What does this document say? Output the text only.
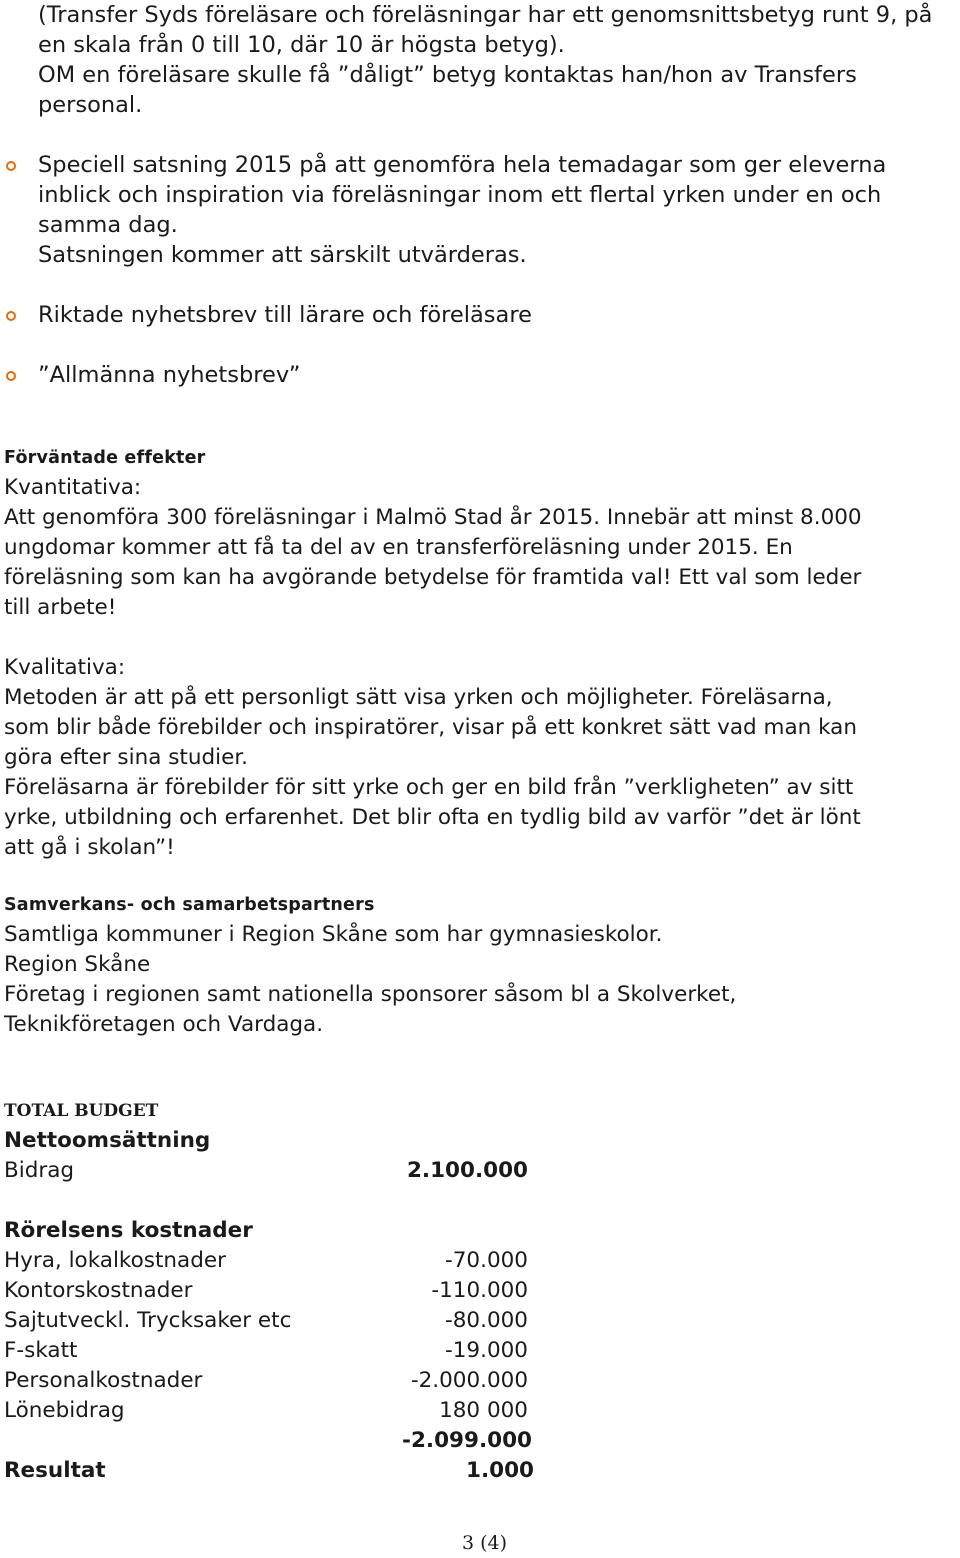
(Transfer Syds föreläsare och föreläsningar har ett genomsnittsbetyg runt 9, på

en skala från 0 till 10, där 10 är högsta betyg).

OM en föreläsare skulle få ”dåligt” betyg kontaktas han/hon av Transfers

personal.

Speciell satsning 2015 på att genomföra hela temadagar som ger eleverna

inblick och inspiration via föreläsningar inom ett flertal yrken under en och

samma dag.

Satsningen kommer att särskilt utvärderas.

Riktade nyhetsbrev till lärare och föreläsare

”Allmänna nyhetsbrev”

Förväntade effekter

Kvantitativa:

Att genomföra 300 föreläsningar i Malmö Stad år 2015. Innebär att minst 8.000

ungdomar kommer att få ta del av en transferföreläsning under 2015. En

föreläsning som kan ha avgörande betydelse för framtida val! Ett val som leder

till arbete!

Kvalitativa:

Metoden är att på ett personligt sätt visa yrken och möjligheter. Föreläsarna,

som blir både förebilder och inspiratörer, visar på ett konkret sätt vad man kan

göra efter sina studier.

Föreläsarna är förebilder för sitt yrke och ger en bild från ”verkligheten” av sitt

yrke, utbildning och erfarenhet. Det blir ofta en tydlig bild av varför ”det är lönt

att gå i skolan”!

Samverkans- och samarbetspartners

Samtliga kommuner i Region Skåne som har gymnasieskolor.

Region Skåne

Företag i regionen samt nationella sponsorer såsom bl a Skolverket,

Teknikföretagen och Vardaga.

TOTAL BUDGET
Nettoomsättning
Bidrag	2.100.000
Rörelsens kostnader
Hyra, lokalkostnader	-70.000
Kontorskostnader	-110.000
Sajtutveckl. Trycksaker etc	-80.000
F-skatt	-19.000
Personalkostnader	-2.000.000
Lönebidrag	180 000
-2.099.000
Resultat	1.000
3 (4)
